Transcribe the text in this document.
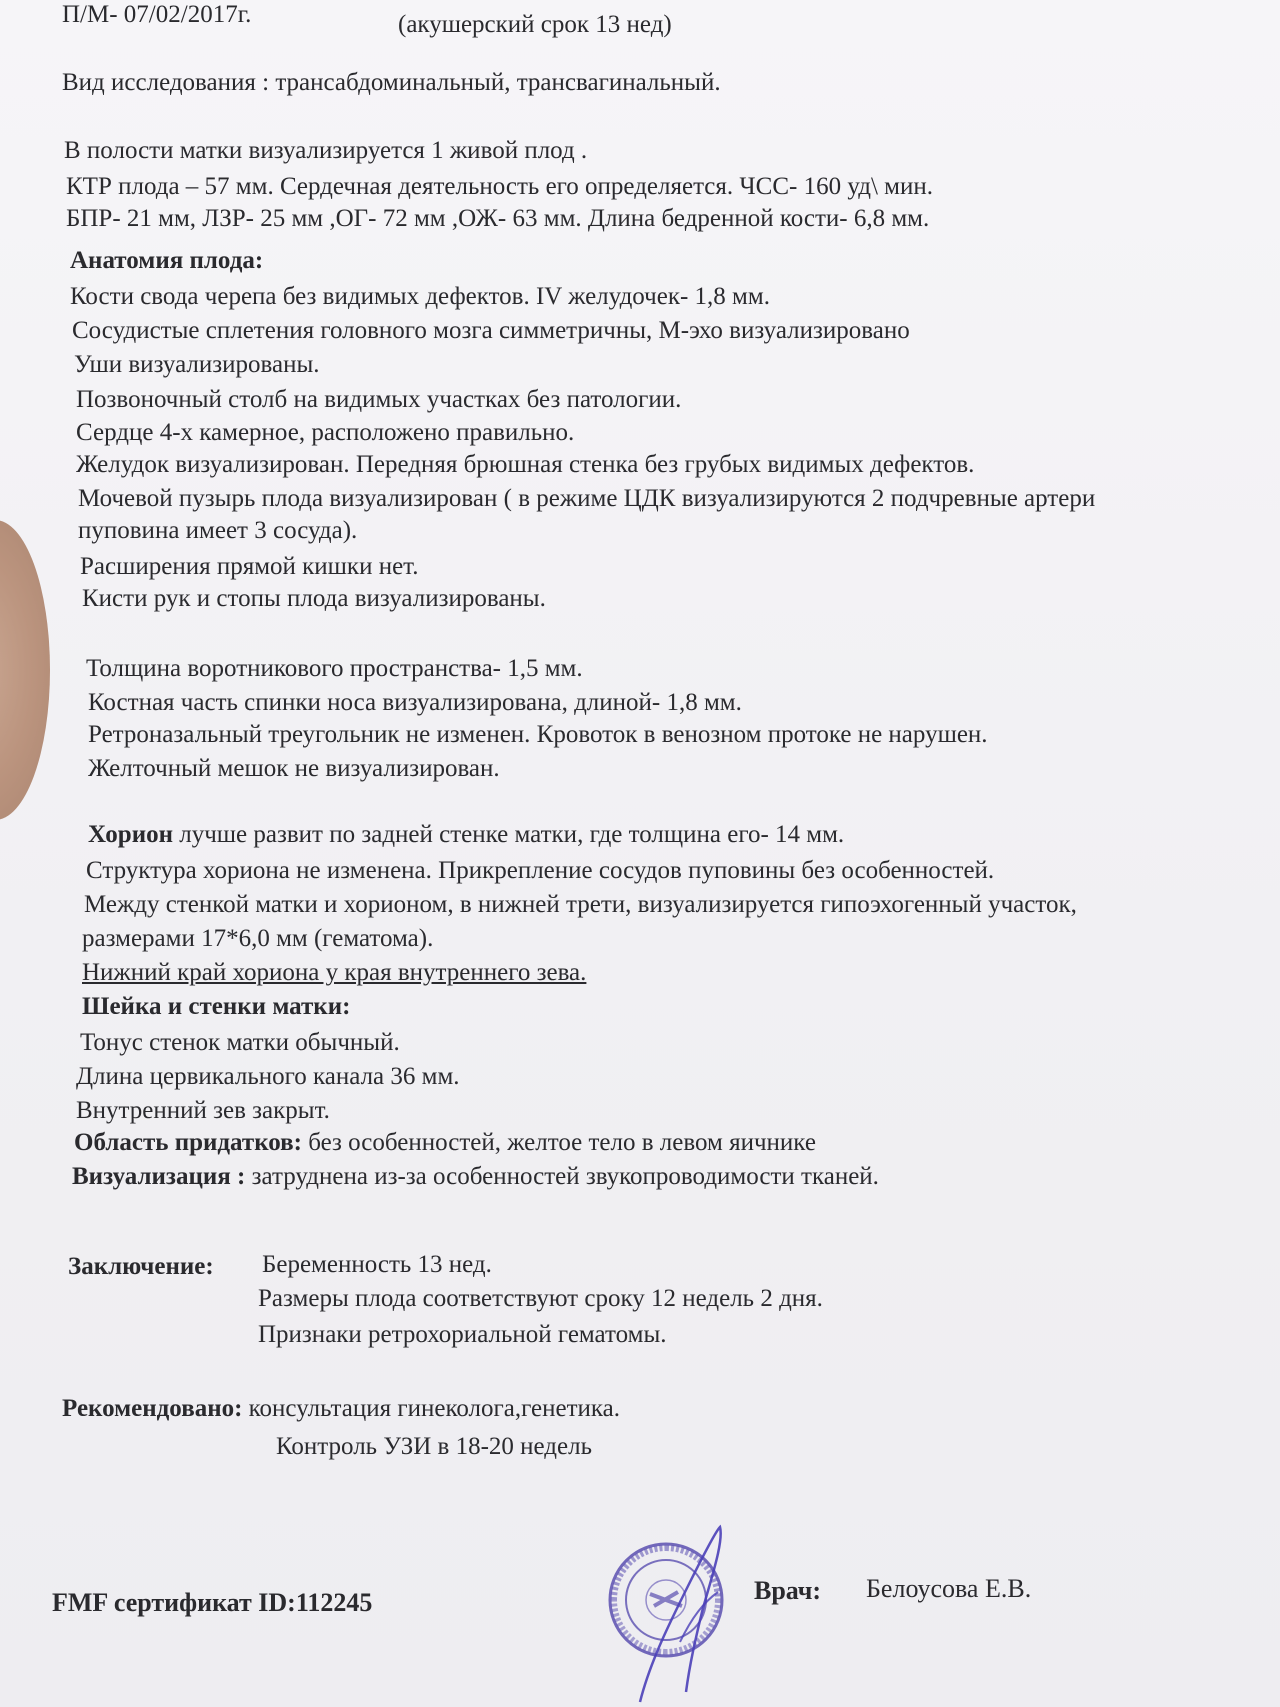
П/М- 07/02/2017г.	(акушерский срок 13 нед)
Вид исследования : трансабдоминальный, трансвагинальный.
В полости матки визуализируется 1 живой плод .
КТР плода – 57 мм. Сердечная деятельность его определяется. ЧСС- 160 уд\ мин.
БПР- 21 мм, ЛЗР- 25 мм ,ОГ- 72 мм ,ОЖ- 63 мм. Длина бедренной кости- 6,8 мм.
Анатомия плода:
Кости свода черепа без видимых дефектов. IV желудочек- 1,8 мм.
Сосудистые сплетения головного мозга симметричны, М-эхо визуализировано
Уши визуализированы.
Позвоночный столб на видимых участках без патологии.
Сердце 4-х камерное, расположено правильно.
Желудок визуализирован. Передняя брюшная стенка без грубых видимых дефектов.
Мочевой пузырь плода визуализирован ( в режиме ЦДК визуализируются 2 подчревные артери
пуповина имеет 3 сосуда).
Расширения прямой кишки нет.
Кисти рук и стопы плода визуализированы.
Толщина воротникового пространства- 1,5 мм.
Костная часть спинки носа визуализирована, длиной- 1,8 мм.
Ретроназальный треугольник не изменен. Кровоток в венозном протоке не нарушен.
Желточный мешок не визуализирован.
Хорион лучше развит по задней стенке матки, где толщина его- 14 мм.
Структура хориона не изменена. Прикрепление сосудов пуповины без особенностей.
Между стенкой матки и хорионом, в нижней трети, визуализируется гипоэхогенный участок,
размерами 17*6,0 мм (гематома).
Нижний край хориона у края внутреннего зева.
Шейка и стенки матки:
Тонус стенок матки обычный.
Длина цервикального канала 36 мм.
Внутренний зев закрыт.
Область придатков: без особенностей, желтое тело в левом яичнике
Визуализация : затруднена из-за особенностей звукопроводимости тканей.
Заключение: Беременность 13 нед.
Размеры плода соответствуют сроку 12 недель 2 дня.
Признаки ретрохориальной гематомы.
Рекомендовано: консультация гинеколога,генетика.
Контроль УЗИ в 18-20 недель
FMF сертификат ID:112245	Врач: Белоусова Е.В.
